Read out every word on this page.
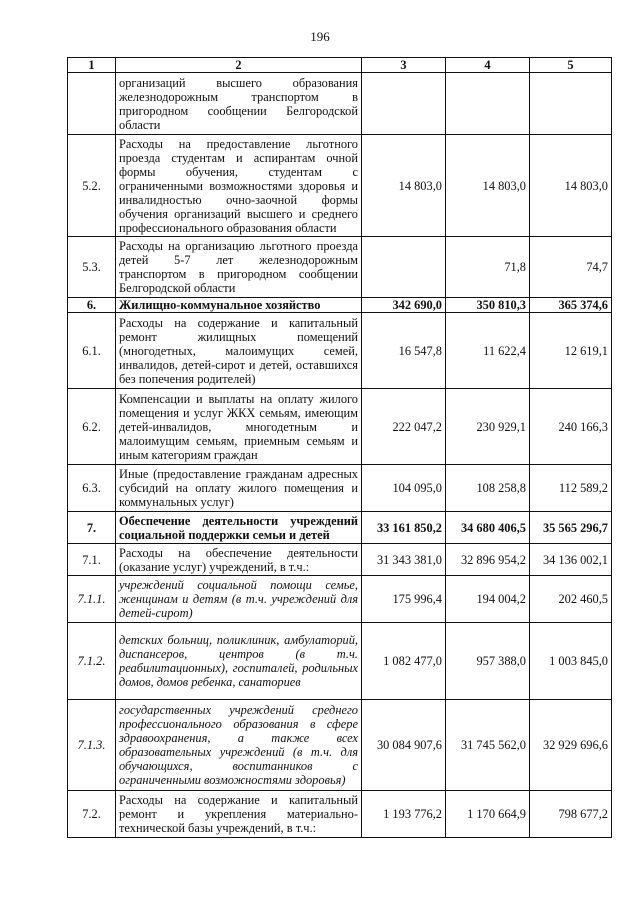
196
1	2	3	4	5
	организаций высшего образования железнодорожным транспортом в пригородном сообщении Белгородской области			
5.2.	Расходы на предоставление льготного проезда студентам и аспирантам очной формы обучения, студентам с ограниченными возможностями здоровья и инвалидностью очно-заочной формы обучения организаций высшего и среднего профессионального образования области	14 803,0	14 803,0	14 803,0
5.3.	Расходы на организацию льготного проезда детей 5-7 лет железнодорожным транспортом в пригородном сообщении Белгородской области		71,8	74,7
6.	Жилищно-коммунальное хозяйство	342 690,0	350 810,3	365 374,6
6.1.	Расходы на содержание и капитальный ремонт жилищных помещений (многодетных, малоимущих семей, инвалидов, детей-сирот и детей, оставшихся без попечения родителей)	16 547,8	11 622,4	12 619,1
6.2.	Компенсации и выплаты на оплату жилого помещения и услуг ЖКХ семьям, имеющим детей-инвалидов, многодетным и малоимущим семьям, приемным семьям и иным категориям граждан	222 047,2	230 929,1	240 166,3
6.3.	Иные (предоставление гражданам адресных субсидий на оплату жилого помещения и коммунальных услуг)	104 095,0	108 258,8	112 589,2
7.	Обеспечение деятельности учреждений социальной поддержки семьи и детей	33 161 850,2	34 680 406,5	35 565 296,7
7.1.	Расходы на обеспечение деятельности (оказание услуг) учреждений, в т.ч.:	31 343 381,0	32 896 954,2	34 136 002,1
7.1.1.	учреждений социальной помощи семье, женщинам и детям (в т.ч. учреждений для детей-сирот)	175 996,4	194 004,2	202 460,5
7.1.2.	детских больниц, поликлиник, амбулаторий, диспансеров, центров (в т.ч. реабилитационных), госпиталей, родильных домов, домов ребенка, санаториев	1 082 477,0	957 388,0	1 003 845,0
7.1.3.	государственных учреждений среднего профессионального образования в сфере здравоохранения, а также всех образовательных учреждений (в т.ч. для обучающихся, воспитанников с ограниченными возможностями здоровья)	30 084 907,6	31 745 562,0	32 929 696,6
7.2.	Расходы на содержание и капитальный ремонт и укрепления материально-технической базы учреждений, в т.ч.:	1 193 776,2	1 170 664,9	798 677,2
